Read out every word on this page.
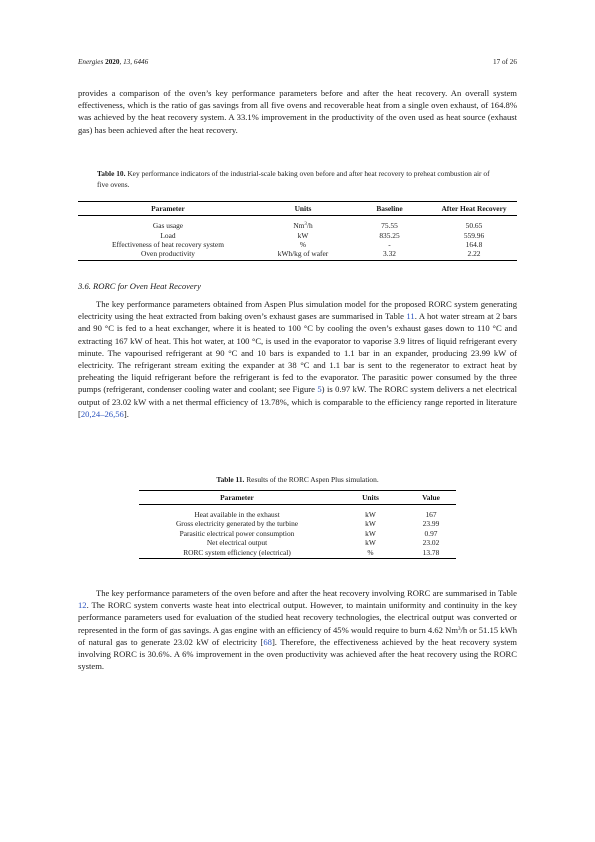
Energies 2020, 13, 6446	17 of 26

provides a comparison of the oven’s key performance parameters before and after the heat recovery. An overall system effectiveness, which is the ratio of gas savings from all five ovens and recoverable heat from a single oven exhaust, of 164.8% was achieved by the heat recovery system. A 33.1% improvement in the productivity of the oven used as heat source (exhaust gas) has been achieved after the heat recovery.

Table 10. Key performance indicators of the industrial-scale baking oven before and after heat recovery to preheat combustion air of five ovens.

Parameter	Units	Baseline	After Heat Recovery
Gas usage	Nm$^3$/h	75.55	50.65
Load	kW	835.25	559.96
Effectiveness of heat recovery system	%	-	164.8
Oven productivity	kWh/kg of wafer	3.32	2.22

3.6. RORC for Oven Heat Recovery

The key performance parameters obtained from Aspen Plus simulation model for the proposed RORC system generating electricity using the heat extracted from baking oven’s exhaust gases are summarised in Table 11. A hot water stream at 2 bars and 90 °C is fed to a heat exchanger, where it is heated to 100 °C by cooling the oven’s exhaust gases down to 110 °C and extracting 167 kW of heat. This hot water, at 100 °C, is used in the evaporator to vaporise 3.9 litres of liquid refrigerant every minute. The vapourised refrigerant at 90 °C and 10 bars is expanded to 1.1 bar in an expander, producing 23.99 kW of electricity. The refrigerant stream exiting the expander at 38 °C and 1.1 bar is sent to the regenerator to extract heat by preheating the liquid refrigerant before the refrigerant is fed to the evaporator. The parasitic power consumed by the three pumps (refrigerant, condenser cooling water and coolant; see Figure 5) is 0.97 kW. The RORC system delivers a net electrical output of 23.02 kW with a net thermal efficiency of 13.78%, which is comparable to the efficiency range reported in literature [20,24–26,56].

Table 11. Results of the RORC Aspen Plus simulation.

Parameter	Units	Value
Heat available in the exhaust	kW	167
Gross electricity generated by the turbine	kW	23.99
Parasitic electrical power consumption	kW	0.97
Net electrical output	kW	23.02
RORC system efficiency (electrical)	%	13.78

The key performance parameters of the oven before and after the heat recovery involving RORC are summarised in Table 12. The RORC system converts waste heat into electrical output. However, to maintain uniformity and continuity in the key performance parameters used for evaluation of the studied heat recovery technologies, the electrical output was converted or represented in the form of gas savings. A gas engine with an efficiency of 45% would require to burn 4.62 Nm$^3$/h or 51.15 kWh of natural gas to generate 23.02 kW of electricity [68]. Therefore, the effectiveness achieved by the heat recovery system involving RORC is 30.6%. A 6% improvement in the oven productivity was achieved after the heat recovery using the RORC system.
